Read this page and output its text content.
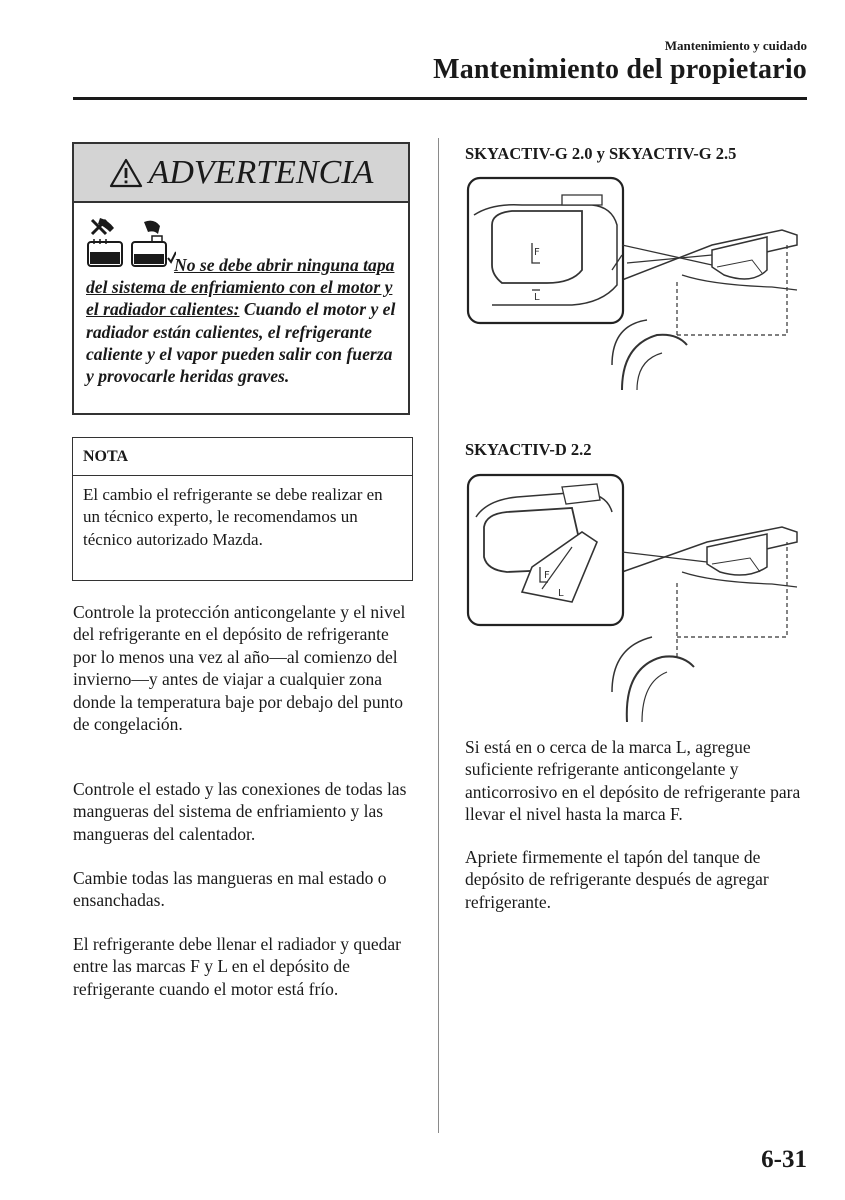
Mantenimiento y cuidado
Mantenimiento del propietario
ADVERTENCIA
No se debe abrir ninguna tapa del sistema de enfriamiento con el motor y el radiador calientes: Cuando el motor y el radiador están calientes, el refrigerante caliente y el vapor pueden salir con fuerza y provocarle heridas graves.
NOTA
El cambio el refrigerante se debe realizar en un técnico experto, le recomendamos un técnico autorizado Mazda.
Controle la protección anticongelante y el nivel del refrigerante en el depósito de refrigerante por lo menos una vez al año—al comienzo del invierno—y antes de viajar a cualquier zona donde la temperatura baje por debajo del punto de congelación.
Controle el estado y las conexiones de todas las mangueras del sistema de enfriamiento y las mangueras del calentador.
Cambie todas las mangueras en mal estado o ensanchadas.
El refrigerante debe llenar el radiador y quedar entre las marcas F y L en el depósito de refrigerante cuando el motor está frío.
SKYACTIV-G 2.0 y SKYACTIV-G 2.5
F
L
SKYACTIV-D 2.2
F
L
Si está en o cerca de la marca L, agregue suficiente refrigerante anticongelante y anticorrosivo en el depósito de refrigerante para llevar el nivel hasta la marca F.
Apriete firmemente el tapón del tanque de depósito de refrigerante después de agregar refrigerante.
6-31
